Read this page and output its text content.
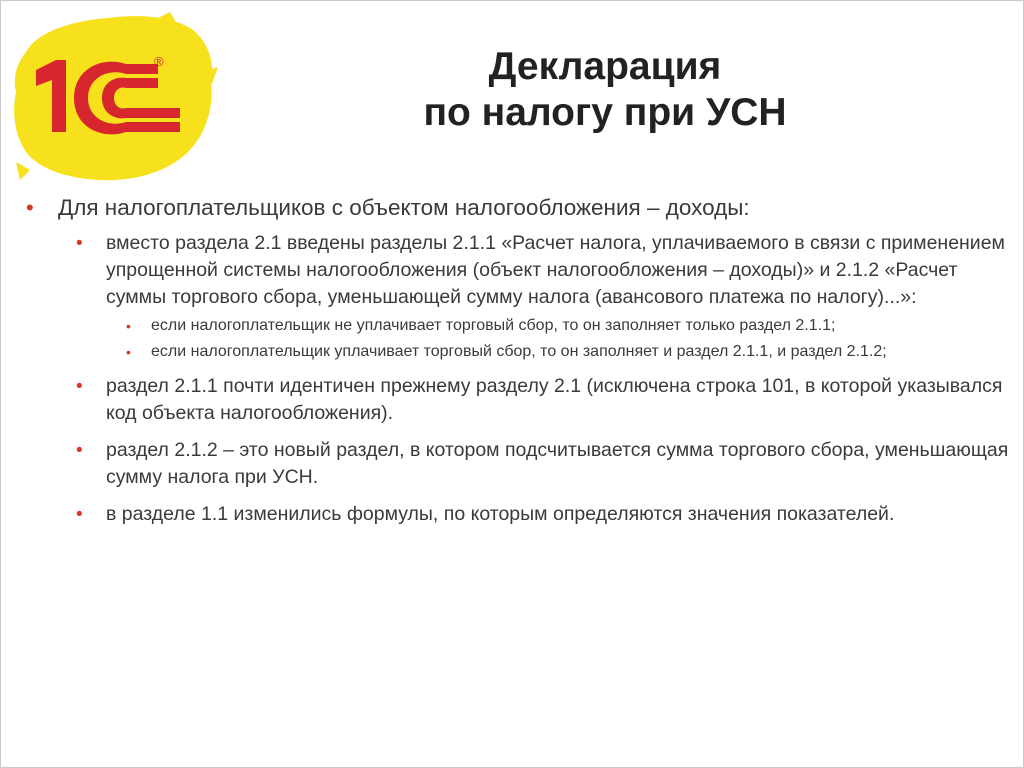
®	Декларация
по налогу при УСН
• Для налогоплательщиков с объектом налогообложения – доходы:
• вместо раздела 2.1 введены разделы 2.1.1 «Расчет налога, уплачиваемого в связи с применением упрощенной системы налогообложения (объект налогообложения – доходы)» и 2.1.2 «Расчет суммы торгового сбора, уменьшающей сумму налога (авансового платежа по налогу)...»:
• если налогоплательщик не уплачивает торговый сбор, то он заполняет только раздел 2.1.1;
• если налогоплательщик уплачивает торговый сбор, то он заполняет и раздел 2.1.1, и раздел 2.1.2;
• раздел 2.1.1 почти идентичен прежнему разделу 2.1 (исключена строка 101, в которой указывался код объекта налогообложения).
• раздел 2.1.2 – это новый раздел, в котором подсчитывается сумма торгового сбора, уменьшающая сумму налога при УСН.
• в разделе 1.1 изменились формулы, по которым определяются значения показателей.
